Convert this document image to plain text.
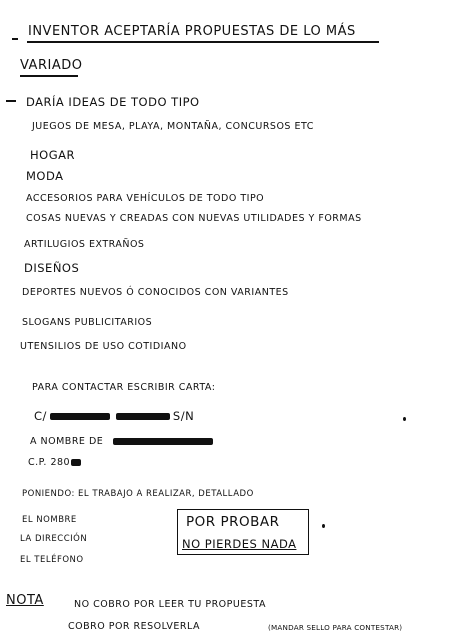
INVENTOR ACEPTARÍA PROPUESTAS DE LO MÁS
VARIADO
DARÍA IDEAS DE TODO TIPO
JUEGOS DE MESA, PLAYA, MONTAÑA, CONCURSOS ETC
HOGAR
MODA
ACCESORIOS PARA VEHÍCULOS DE TODO TIPO
COSAS NUEVAS Y CREADAS CON NUEVAS UTILIDADES Y FORMAS
ARTILUGIOS EXTRAÑOS
DISEÑOS
DEPORTES NUEVOS Ó CONOCIDOS CON VARIANTES
SLOGANS PUBLICITARIOS
UTENSILIOS DE USO COTIDIANO
PARA CONTACTAR ESCRIBIR CARTA:
C/	S/N
A NOMBRE DE
C.P. 280
PONIENDO: EL TRABAJO A REALIZAR, DETALLADO
EL NOMBRE
LA DIRECCIÓN
EL TELÉFONO
POR PROBAR
NO PIERDES NADA
NOTA	NO COBRO POR LEER TU PROPUESTA
COBRO POR RESOLVERLA	(MANDAR SELLO PARA CONTESTAR)
